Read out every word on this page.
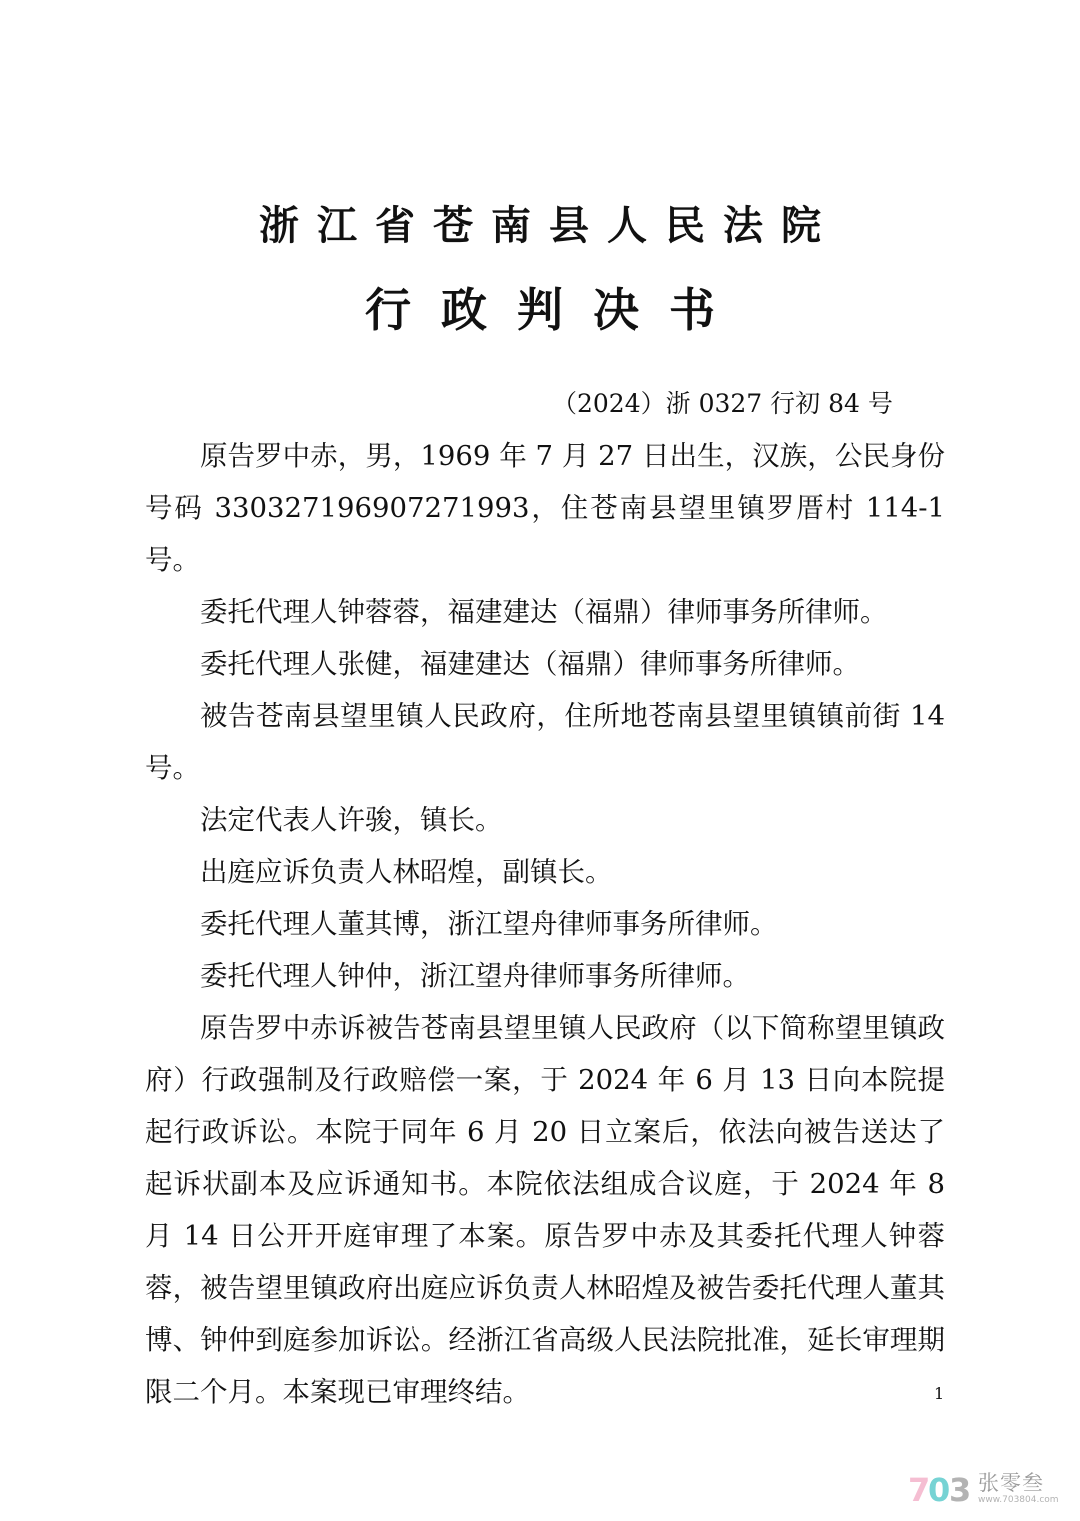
浙江省苍南县人民法院
行政判决书
（2024）浙 0327 行初 84 号

原告罗中赤，男，1969 年 7 月 27 日出生，汉族，公民身份号码 330327196907271993，住苍南县望里镇罗厝村 114-1 号。

委托代理人钟蓉蓉，福建建达（福鼎）律师事务所律师。

委托代理人张健，福建建达（福鼎）律师事务所律师。

被告苍南县望里镇人民政府，住所地苍南县望里镇镇前街 14 号。

法定代表人许骏，镇长。

出庭应诉负责人林昭煌，副镇长。

委托代理人董其博，浙江望舟律师事务所律师。

委托代理人钟仲，浙江望舟律师事务所律师。

原告罗中赤诉被告苍南县望里镇人民政府（以下简称望里镇政府）行政强制及行政赔偿一案，于 2024 年 6 月 13 日向本院提起行政诉讼。本院于同年 6 月 20 日立案后，依法向被告送达了起诉状副本及应诉通知书。本院依法组成合议庭，于 2024 年 8 月 14 日公开开庭审理了本案。原告罗中赤及其委托代理人钟蓉蓉，被告望里镇政府出庭应诉负责人林昭煌及被告委托代理人董其博、钟仲到庭参加诉讼。经浙江省高级人民法院批准，延长审理期限二个月。本案现已审理终结。	1
7
0
3 张零叁
www.703804.com
